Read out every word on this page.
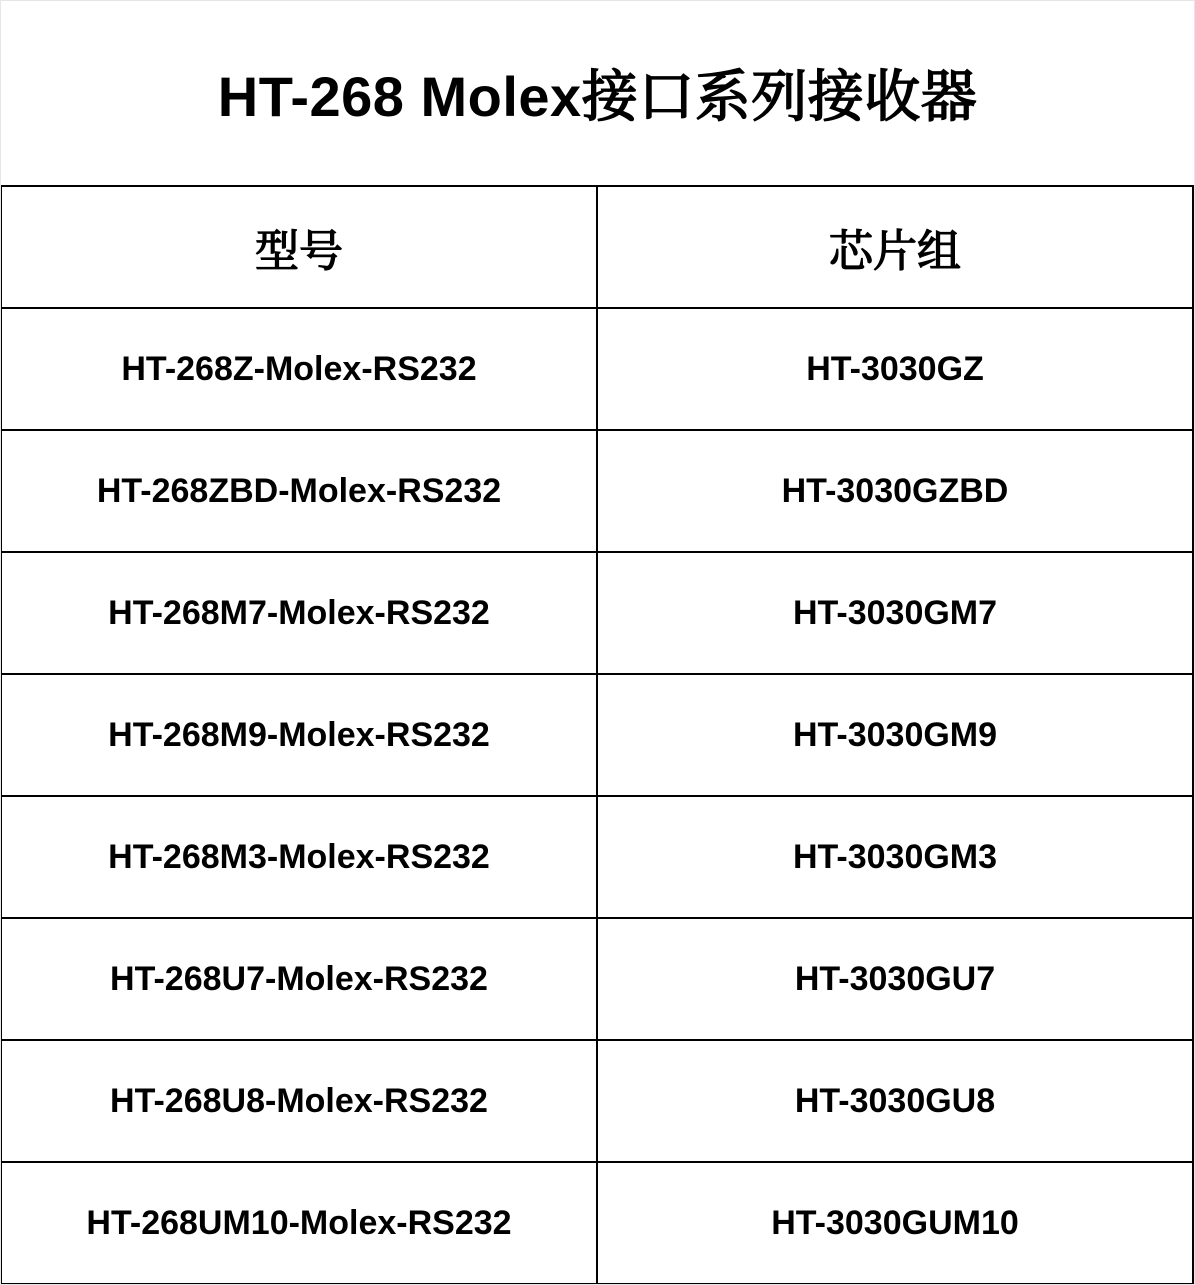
HT-268 Molex接口系列接收器
型号	芯片组
HT-268Z-Molex-RS232	HT-3030GZ
HT-268ZBD-Molex-RS232	HT-3030GZBD
HT-268M7-Molex-RS232	HT-3030GM7
HT-268M9-Molex-RS232	HT-3030GM9
HT-268M3-Molex-RS232	HT-3030GM3
HT-268U7-Molex-RS232	HT-3030GU7
HT-268U8-Molex-RS232	HT-3030GU8
HT-268UM10-Molex-RS232	HT-3030GUM10
